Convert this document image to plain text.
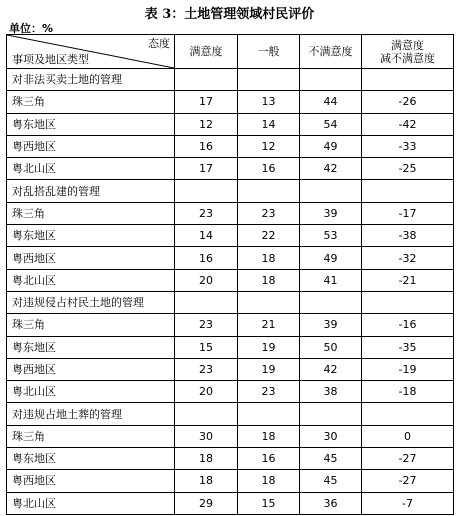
表 3：土地管理领域村民评价
单位：%
态度
事项及地区类型	满意度	一般	不满意度	满意度
减不满意度

对非法买卖土地的管理				
珠三角	17	13	44	-26
粤东地区	12	14	54	-42
粤西地区	16	12	49	-33
粤北山区	17	16	42	-25
对乱搭乱建的管理				
珠三角	23	23	39	-17
粤东地区	14	22	53	-38
粤西地区	16	18	49	-32
粤北山区	20	18	41	-21
对违规侵占村民土地的管理				
珠三角	23	21	39	-16
粤东地区	15	19	50	-35
粤西地区	23	19	42	-19
粤北山区	20	23	38	-18
对违规占地土葬的管理				
珠三角	30	18	30	0
粤东地区	18	16	45	-27
粤西地区	18	18	45	-27
粤北山区	29	15	36	-7
